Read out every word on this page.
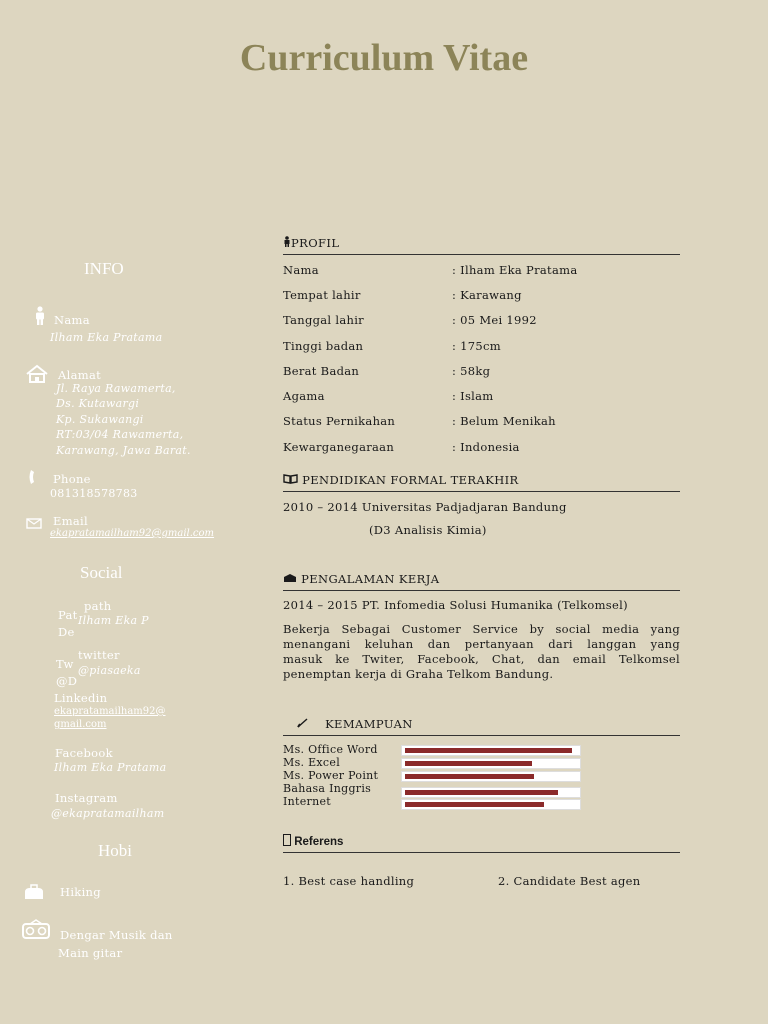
Curriculum Vitae
INFO
Nama
Ilham Eka Pratama
Alamat
Jl. Raya Rawamerta,
Ds. Kutawargi
Kp. Sukawangi
RT:03/04 Rawamerta,
Karawang, Jawa Barat.
Phone
081318578783
Email
ekapratamailham92@gmail.com
Social
path
Pat Ilham Eka P
De
twitter
Tw @piasaeka
@D
Linkedin
ekapratamailham92@
gmail.com
Facebook
Ilham Eka Pratama
Instagram
@ekapratamailham
Hobi
Hiking
Dengar Musik dan
Main gitar
PROFIL
Nama	: Ilham Eka Pratama
Tempat lahir	: Karawang
Tanggal lahir	: 05 Mei 1992
Tinggi badan	: 175cm
Berat Badan	: 58kg
Agama	: Islam
Status Pernikahan	: Belum Menikah
Kewarganegaraan	: Indonesia
PENDIDIKAN FORMAL TERAKHIR
2010 – 2014 Universitas Padjadjaran Bandung
(D3 Analisis Kimia)
PENGALAMAN KERJA
2014 – 2015 PT. Infomedia Solusi Humanika (Telkomsel)
Bekerja Sebagai Customer Service by social media yang
menangani keluhan dan pertanyaan dari langgan yang
masuk ke Twiter, Facebook, Chat, dan email Telkomsel
penemptan kerja di Graha Telkom Bandung.
KEMAMPUAN
Ms. Office Word
Ms. Excel
Ms. Power Point
Bahasa Inggris
Internet
Referens
1. Best case handling	2. Candidate Best agen
